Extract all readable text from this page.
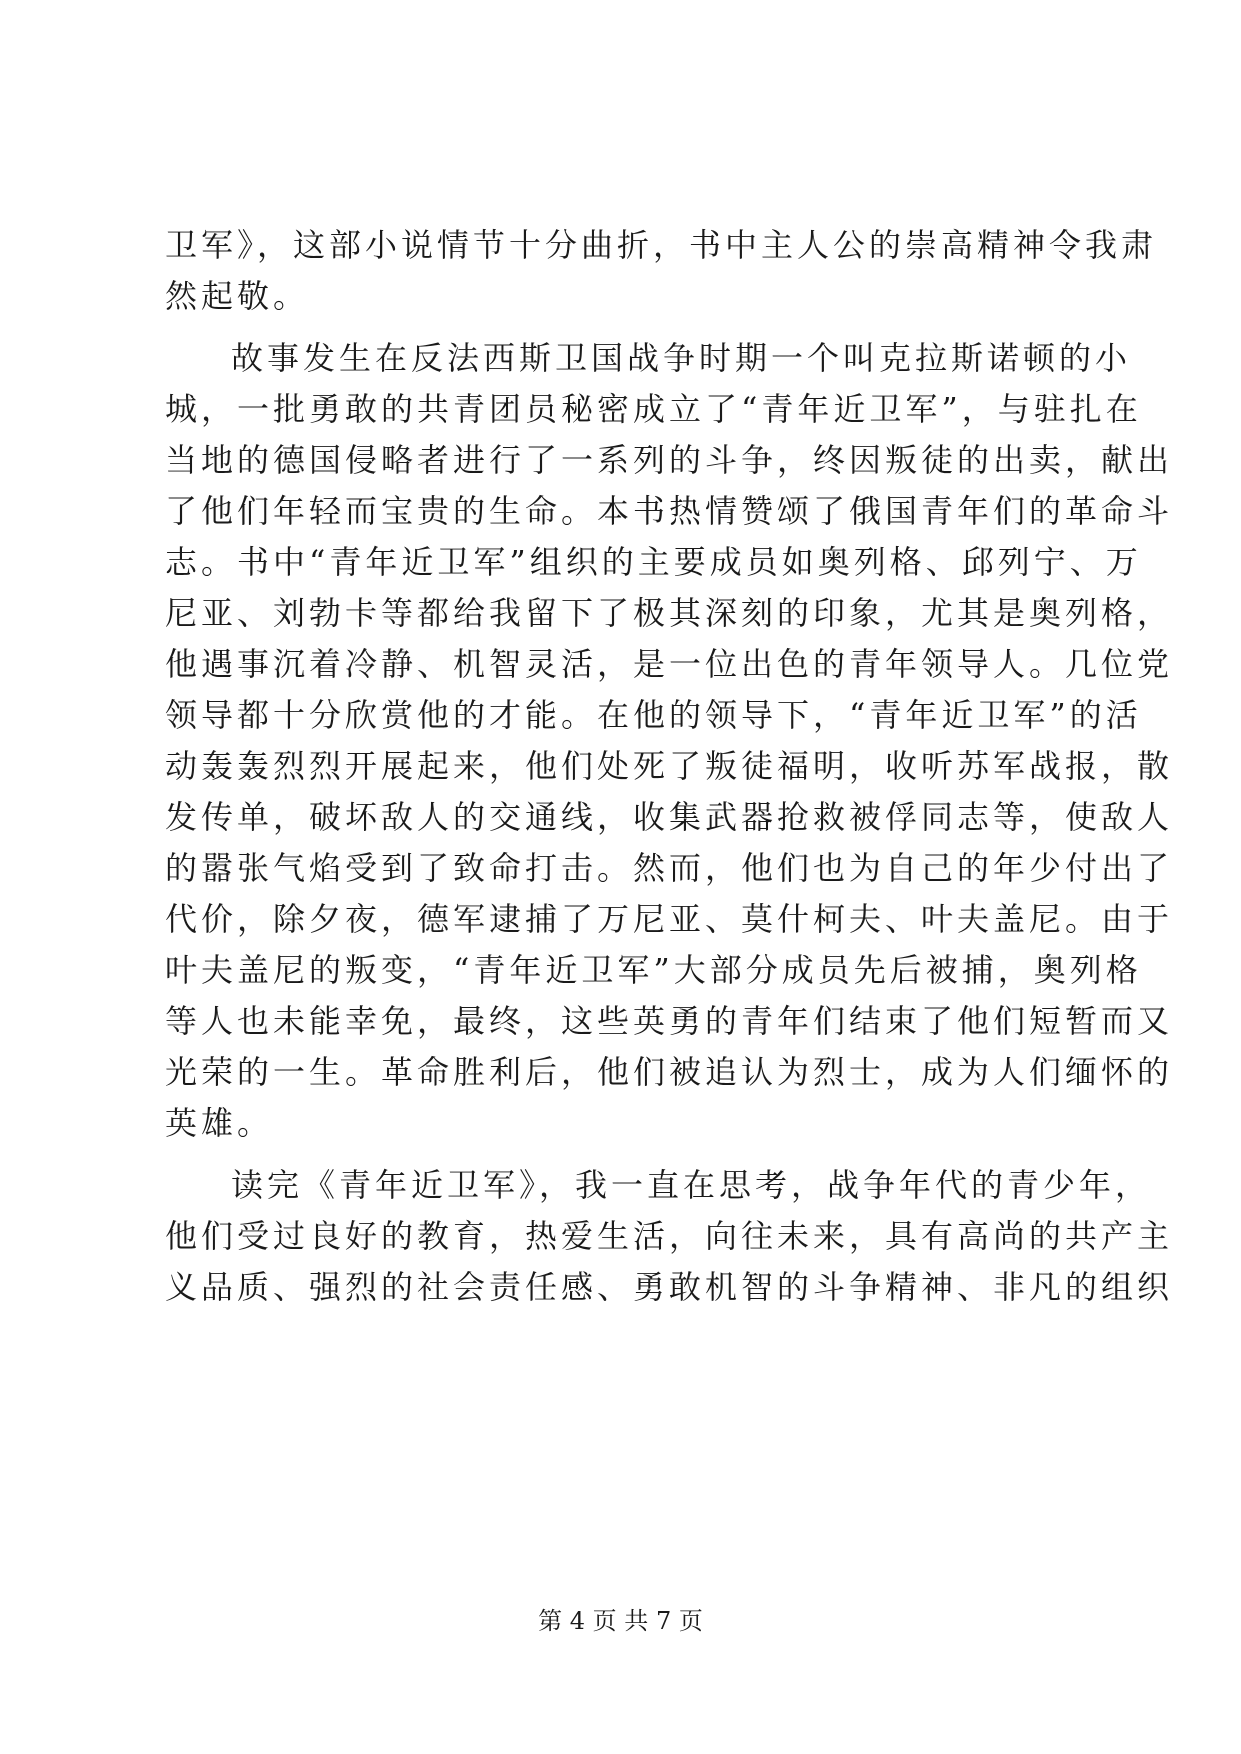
卫军》，这部小说情节十分曲折，书中主人公的崇高精神令我肃
然起敬。
故事发生在反法西斯卫国战争时期一个叫克拉斯诺顿的小
城，一批勇敢的共青团员秘密成立了“青年近卫军”，与驻扎在
当地的德国侵略者进行了一系列的斗争，终因叛徒的出卖，献出
了他们年轻而宝贵的生命。本书热情赞颂了俄国青年们的革命斗
志。书中“青年近卫军”组织的主要成员如奥列格、邱列宁、万
尼亚、刘勃卡等都给我留下了极其深刻的印象，尤其是奥列格，
他遇事沉着冷静、机智灵活，是一位出色的青年领导人。几位党
领导都十分欣赏他的才能。在他的领导下，“青年近卫军”的活
动轰轰烈烈开展起来，他们处死了叛徒福明，收听苏军战报，散
发传单，破坏敌人的交通线，收集武器抢救被俘同志等，使敌人
的嚣张气焰受到了致命打击。然而，他们也为自己的年少付出了
代价，除夕夜，德军逮捕了万尼亚、莫什柯夫、叶夫盖尼。由于
叶夫盖尼的叛变，“青年近卫军”大部分成员先后被捕，奥列格
等人也未能幸免，最终，这些英勇的青年们结束了他们短暂而又
光荣的一生。革命胜利后，他们被追认为烈士，成为人们缅怀的
英雄。
读完《青年近卫军》，我一直在思考，战争年代的青少年，
他们受过良好的教育，热爱生活，向往未来，具有高尚的共产主
义品质、强烈的社会责任感、勇敢机智的斗争精神、非凡的组织
第 4 页 共 7 页
